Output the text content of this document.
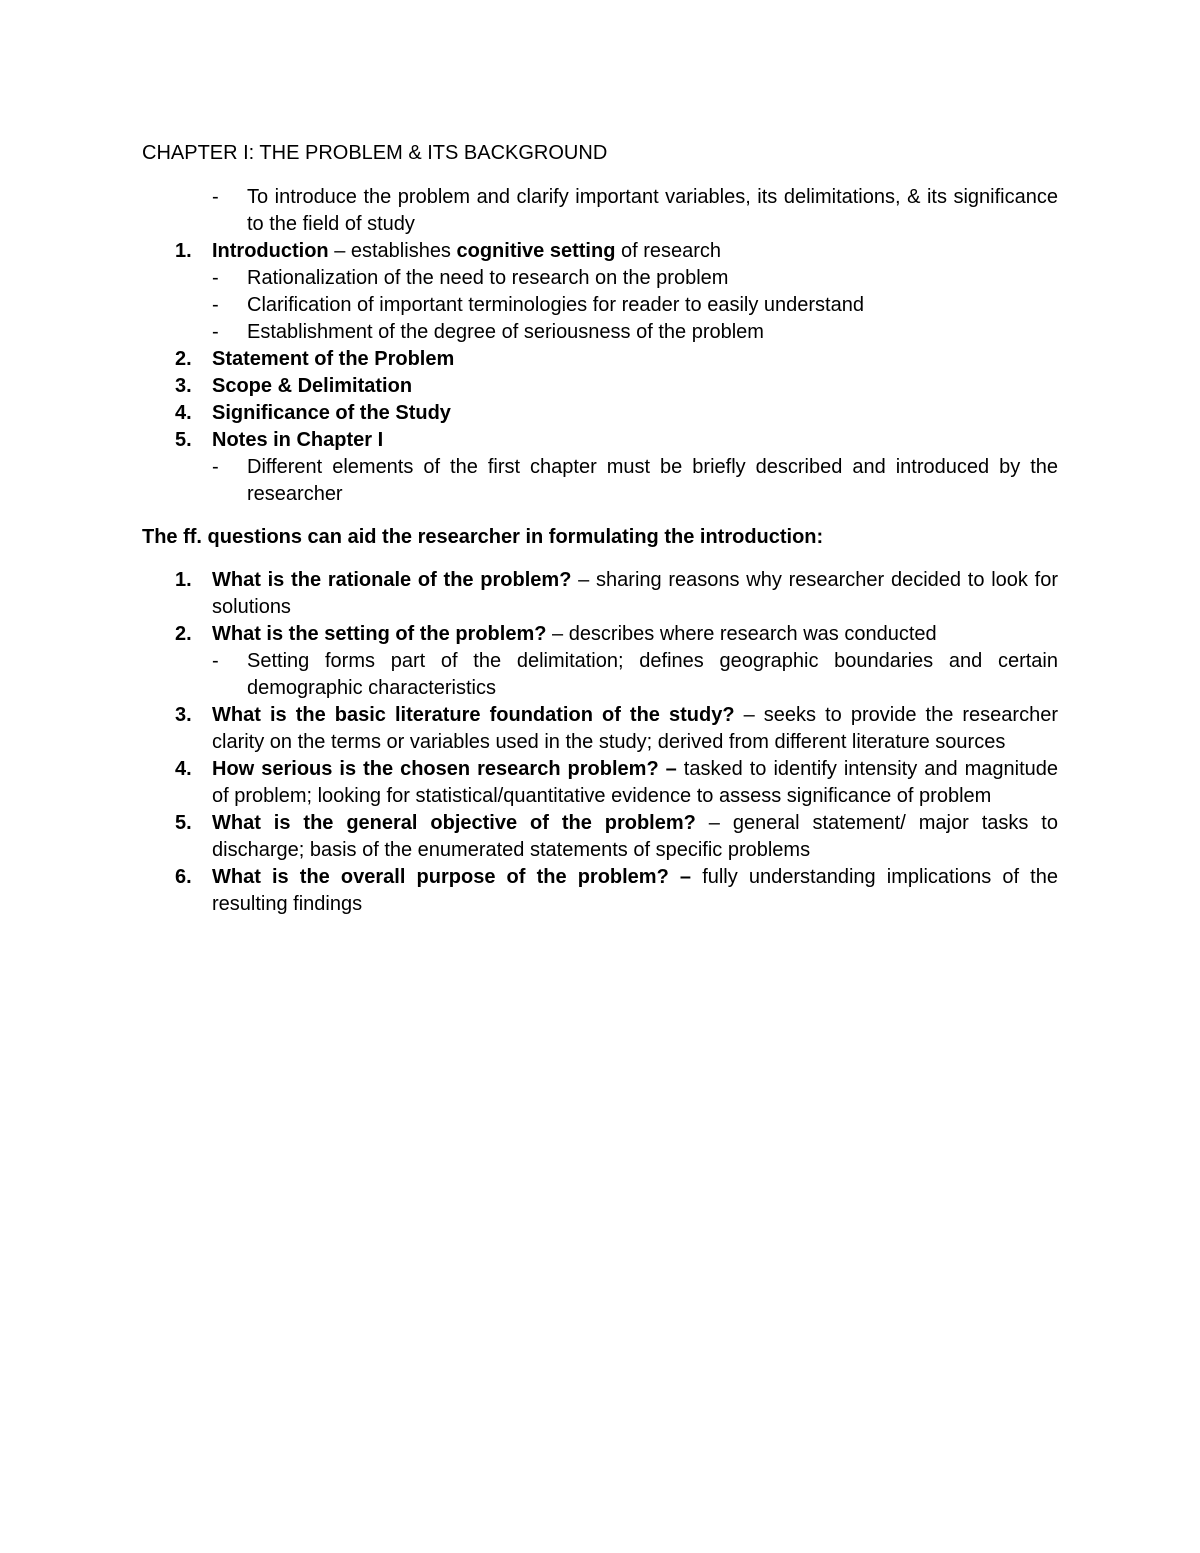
CHAPTER I: THE PROBLEM & ITS BACKGROUND
- To introduce the problem and clarify important variables, its delimitations, & its significance to the field of study
1. Introduction – establishes cognitive setting of research
- Rationalization of the need to research on the problem
- Clarification of important terminologies for reader to easily understand
- Establishment of the degree of seriousness of the problem
2. Statement of the Problem
3. Scope & Delimitation
4. Significance of the Study
5. Notes in Chapter I
- Different elements of the first chapter must be briefly described and introduced by the researcher
The ff. questions can aid the researcher in formulating the introduction:
1. What is the rationale of the problem? – sharing reasons why researcher decided to look for solutions
2. What is the setting of the problem? – describes where research was conducted
- Setting forms part of the delimitation; defines geographic boundaries and certain demographic characteristics
3. What is the basic literature foundation of the study? – seeks to provide the researcher clarity on the terms or variables used in the study; derived from different literature sources
4. How serious is the chosen research problem? – tasked to identify intensity and magnitude of problem; looking for statistical/quantitative evidence to assess significance of problem
5. What is the general objective of the problem? – general statement/ major tasks to discharge; basis of the enumerated statements of specific problems
6. What is the overall purpose of the problem? – fully understanding implications of the resulting findings
